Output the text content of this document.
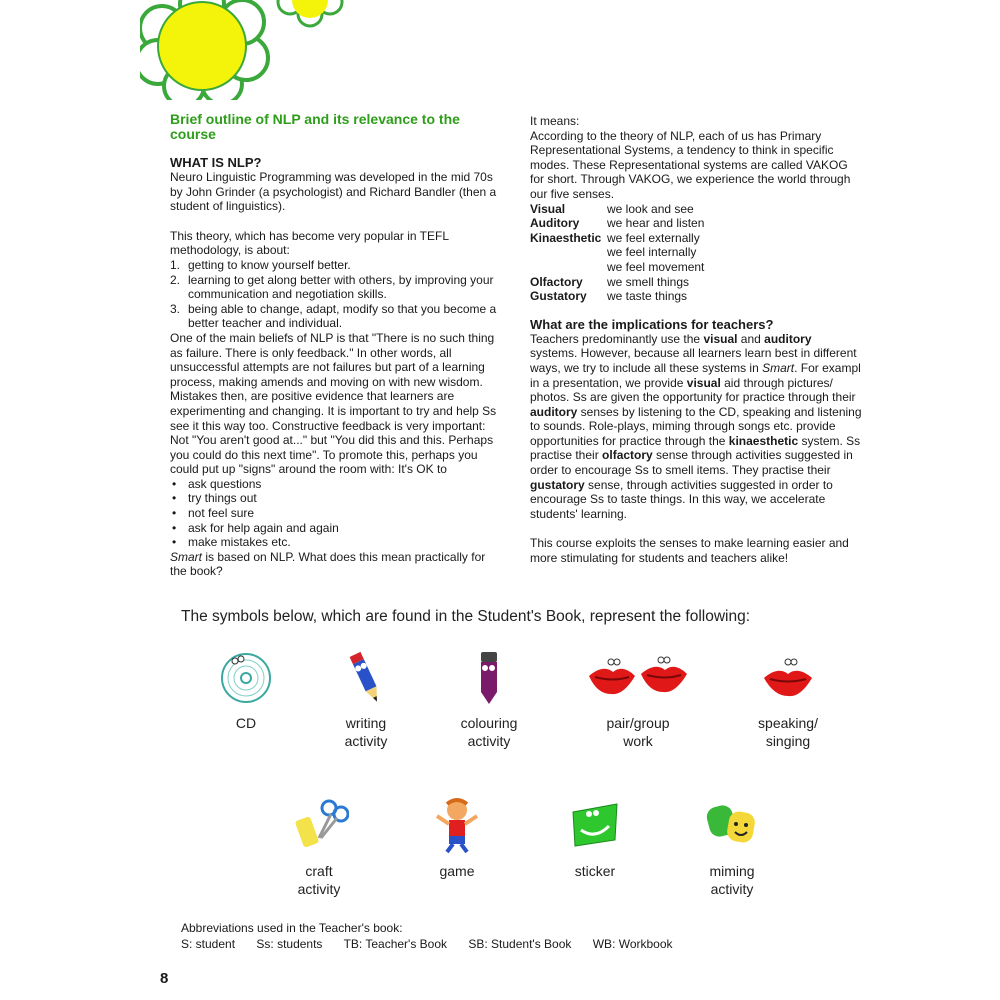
Brief outline of NLP and its relevance to the course
WHAT IS NLP?
Neuro Linguistic Programming was developed in the mid 70s by John Grinder (a psychologist) and Richard Bandler (then a student of linguistics).
This theory, which has become very popular in TEFL methodology, is about:
1. getting to know yourself better.
2. learning to get along better with others, by improving your communication and negotiation skills.
3. being able to change, adapt, modify so that you become a better teacher and individual.
One of the main beliefs of NLP is that "There is no such thing as failure. There is only feedback." In other words, all unsuccessful attempts are not failures but part of a learning process, making amends and moving on with new wisdom. Mistakes then, are positive evidence that learners are experimenting and changing. It is important to try and help Ss see it this way too. Constructive feedback is very important: Not "You aren't good at..." but "You did this and this. Perhaps you could do this next time". To promote this, perhaps you could put up "signs" around the room with: It's OK to
• ask questions
• try things out
• not feel sure
• ask for help again and again
• make mistakes etc.
Smart is based on NLP. What does this mean practically for the book?
It means:
According to the theory of NLP, each of us has Primary Representational Systems, a tendency to think in specific modes. These Representational systems are called VAKOG for short. Through VAKOG, we experience the world through our five senses.
Visual	we look and see
Auditory	we hear and listen
Kinaesthetic we feel externally
we feel internally
we feel movement
Olfactory	we smell things
Gustatory	we taste things
What are the implications for teachers?
Teachers predominantly use the visual and auditory systems. However, because all learners learn best in different ways, we try to include all these systems in Smart. For exampl in a presentation, we provide visual aid through pictures/ photos. Ss are given the opportunity for practice through their auditory senses by listening to the CD, speaking and listening to sounds. Role-plays, miming through songs etc. provide opportunities for practice through the kinaesthetic system. Ss practise their olfactory sense through activities suggested in order to encourage Ss to smell items. They practise their gustatory sense, through activities suggested in order to encourage Ss to taste things. In this way, we accelerate students' learning.
This course exploits the senses to make learning easier and more stimulating for students and teachers alike!
The symbols below, which are found in the Student's Book, represent the following:
CD	writing
activity
colouring
activity
pair/group
work
speaking/
singing
craft
activity
game	sticker	miming
activity
Abbreviations used in the Teacher's book:
S: student Ss: students TB: Teacher's Book SB: Student's Book WB: Workbook
8
